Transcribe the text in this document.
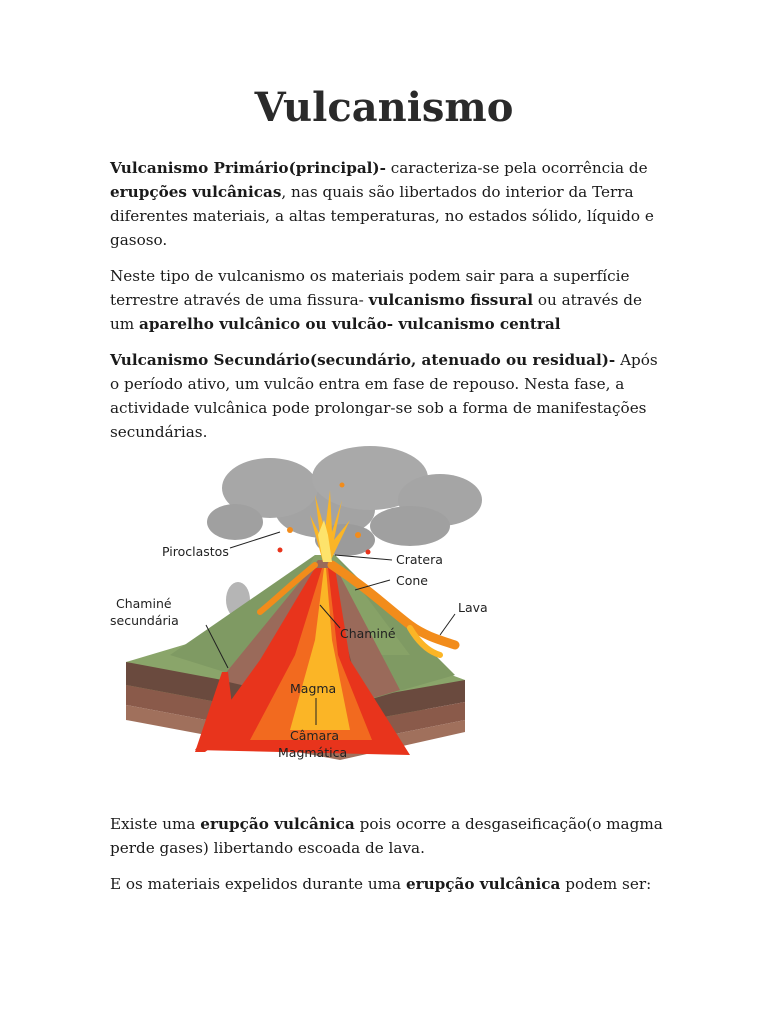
Vulcanismo

Vulcanismo Primário(principal)- caracteriza-se pela ocorrência de erupções vulcânicas, nas quais são libertados do interior da Terra diferentes materiais, a altas temperaturas, no estados sólido, líquido e gasoso.

Neste tipo de vulcanismo os materiais podem sair para a superfície terrestre através de uma fissura- vulcanismo fissural ou através de um aparelho vulcânico ou vulcão- vulcanismo central

Vulcanismo Secundário(secundário, atenuado ou residual)- Após o período ativo, um vulcão entra em fase de repouso. Nesta fase, a actividade vulcânica pode prolongar-se sob a forma de manifestações secundárias.

Piroclastos
Cratera
Cone
Chaminé
secundária
Lava
Chaminé
Magma
Câmara
Magmática

Existe uma erupção vulcânica pois ocorre a desgaseificação(o magma perde gases) libertando escoada de lava.

E os materiais expelidos durante uma erupção vulcânica podem ser:
